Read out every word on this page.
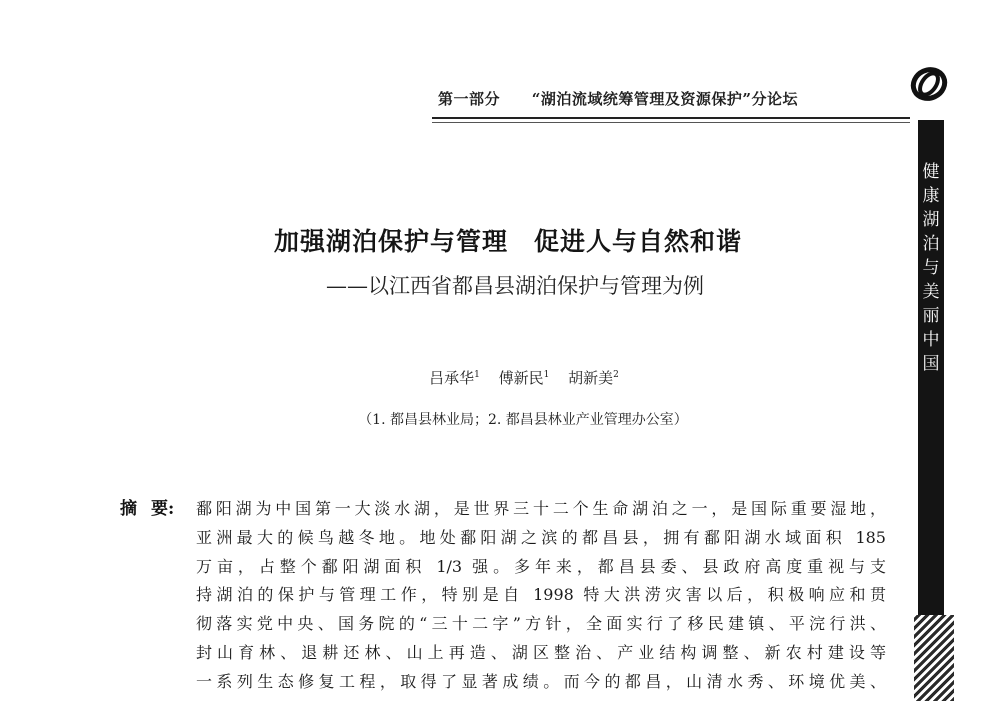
第一部分 “湖泊流域统筹管理及资源保护”分论坛
健康湖泊与美丽中国
加强湖泊保护与管理 促进人与自然和谐
——以江西省都昌县湖泊保护与管理为例
吕承华$^1$ 傅新民$^1$ 胡新美$^2$
（1. 都昌县林业局；2. 都昌县林业产业管理办公室）
摘 要: 鄱阳湖为中国第一大淡水湖，是世界三十二个生命湖泊之一，是国际重要湿地，
亚洲最大的候鸟越冬地。地处鄱阳湖之滨的都昌县，拥有鄱阳湖水域面积 185
万亩，占整个鄱阳湖面积 1/3 强。多年来，都昌县委、县政府高度重视与支
持湖泊的保护与管理工作，特别是自 1998 特大洪涝灾害以后，积极响应和贯
彻落实党中央、国务院的“三十二字”方针，全面实行了移民建镇、平浣行洪、
封山育林、退耕还林、山上再造、湖区整治、产业结构调整、新农村建设等
一系列生态修复工程，取得了显著成绩。而今的都昌，山清水秀、环境优美、
